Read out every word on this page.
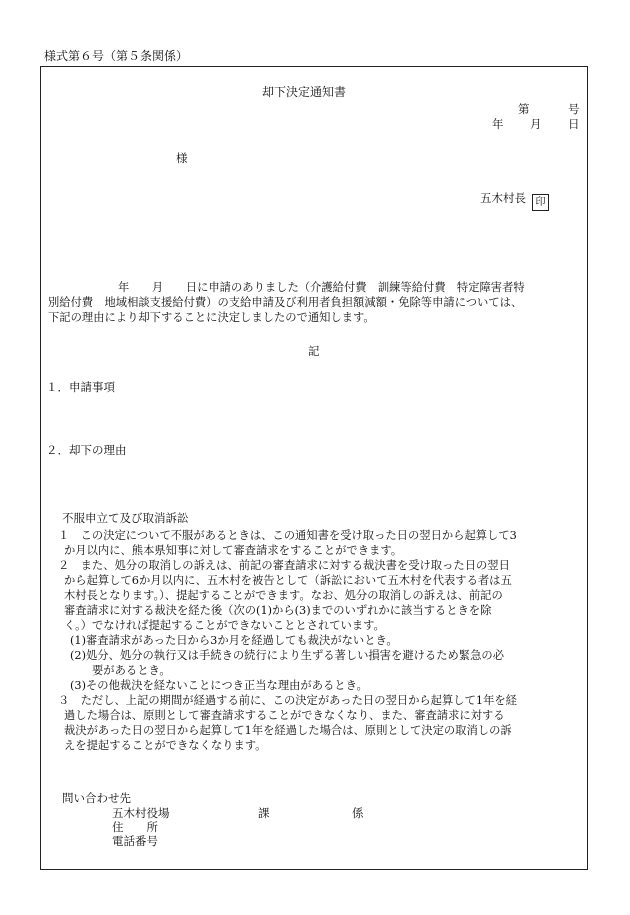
様式第６号（第５条関係）
却下決定通知書
第	号
年 月 日
様
五木村長 印
年　　月　　日に申請のありました（介護給付費　訓練等給付費　特定障害者特
別給付費　地域相談支援給付費）の支給申請及び利用者負担額減額・免除等申請については、
下記の理由により却下することに決定しましたので通知します。
記
１．申請事項
２．却下の理由
不服申立て及び取消訴訟
１　この決定について不服があるときは、この通知書を受け取った日の翌日から起算して3
か月以内に、熊本県知事に対して審査請求をすることができます。
２　また、処分の取消しの訴えは、前記の審査請求に対する裁決書を受け取った日の翌日
から起算して6か月以内に、五木村を被告として（訴訟において五木村を代表する者は五
木村長となります。）、提起することができます。なお、処分の取消しの訴えは、前記の
審査請求に対する裁決を経た後（次の(1)から(3)までのいずれかに該当するときを除
く。）でなければ提起することができないこととされています。
(1)審査請求があった日から3か月を経過しても裁決がないとき。
(2)処分、処分の執行又は手続きの続行により生ずる著しい損害を避けるため緊急の必
要があるとき。
(3)その他裁決を経ないことにつき正当な理由があるとき。
３　ただし、上記の期間が経過する前に、この決定があった日の翌日から起算して1年を経
過した場合は、原則として審査請求することができなくなり、また、審査請求に対する
裁決があった日の翌日から起算して1年を経過した場合は、原則として決定の取消しの訴
えを提起することができなくなります。
問い合わせ先
五木村役場	課	係
住　　所
電話番号
